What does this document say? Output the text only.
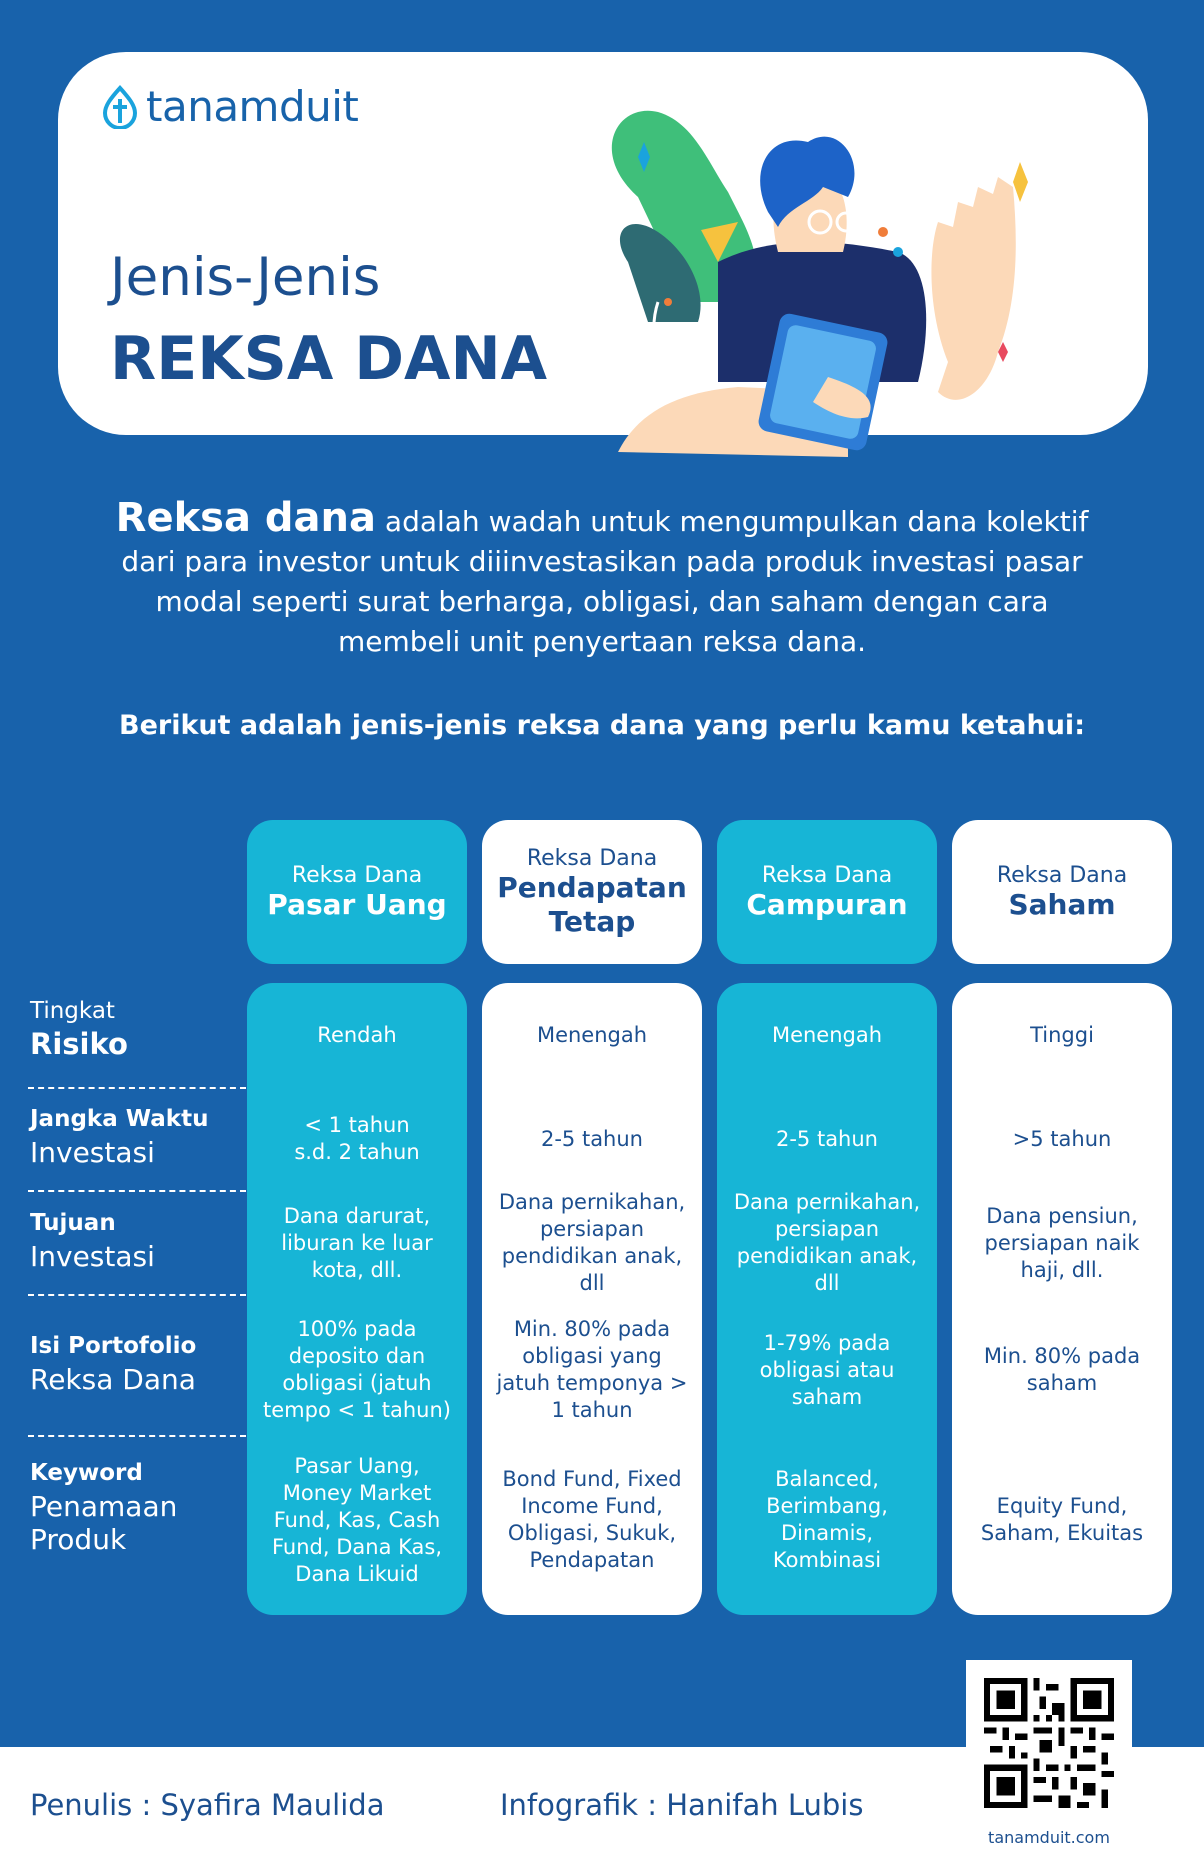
tanamduit
Jenis-Jenis
REKSA DANA
Reksa dana adalah wadah untuk mengumpulkan dana kolektif
dari para investor untuk diiinvestasikan pada produk investasi pasar
modal seperti surat berharga, obligasi, dan saham dengan cara
membeli unit penyertaan reksa dana.
Berikut adalah jenis-jenis reksa dana yang perlu kamu ketahui:
Tingkat
Risiko
Jangka Waktu
Investasi
Tujuan
Investasi
Isi Portofolio
Reksa Dana
Keyword
Penamaan
Produk
Reksa Dana
Pasar Uang
Reksa Dana
Pendapatan
Tetap
Reksa Dana
Campuran
Reksa Dana
Saham
Rendah
< 1 tahun
s.d. 2 tahun
Dana darurat,
liburan ke luar
kota, dll.
100% pada
deposito dan
obligasi (jatuh
tempo < 1 tahun)
Pasar Uang,
Money Market
Fund, Kas, Cash
Fund, Dana Kas,
Dana Likuid
Menengah
2-5 tahun
Dana pernikahan,
persiapan
pendidikan anak,
dll
Min. 80% pada
obligasi yang
jatuh temponya >
1 tahun
Bond Fund, Fixed
Income Fund,
Obligasi, Sukuk,
Pendapatan
Menengah
2-5 tahun
Dana pernikahan,
persiapan
pendidikan anak,
dll
1-79% pada
obligasi atau
saham
Balanced,
Berimbang,
Dinamis,
Kombinasi
Tinggi
>5 tahun
Dana pensiun,
persiapan naik
haji, dll.
Min. 80% pada
saham
Equity Fund,
Saham, Ekuitas
Penulis : Syafira Maulida	Infografik : Hanifah Lubis
tanamduit.com
